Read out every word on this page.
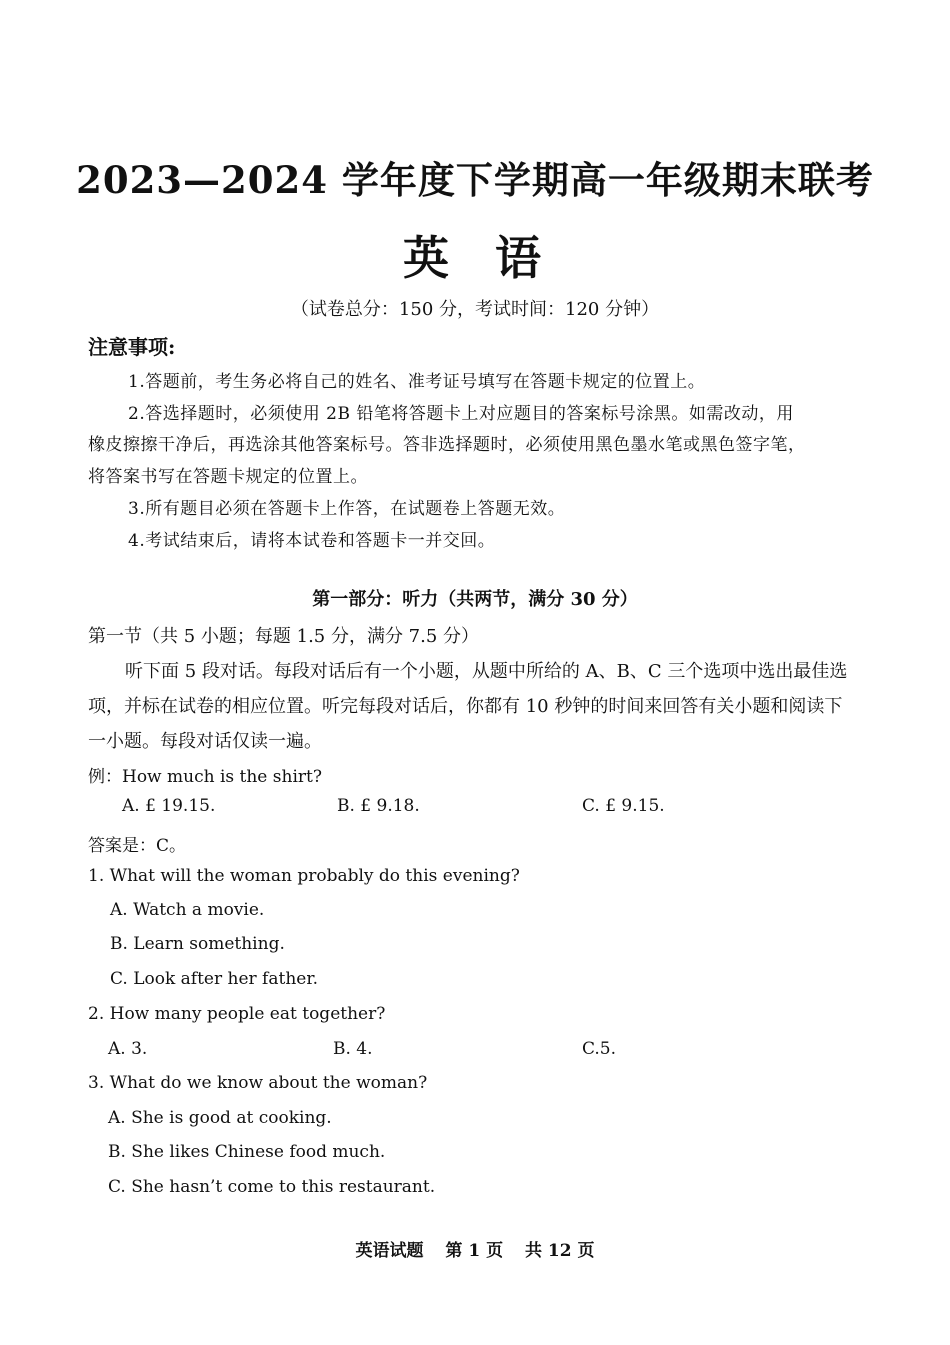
2023—2024 学年度下学期高一年级期末联考
英 语
（试卷总分：150 分，考试时间：120 分钟）
注意事项:
1.答题前，考生务必将自己的姓名、准考证号填写在答题卡规定的位置上。
2.答选择题时，必须使用 2B 铅笔将答题卡上对应题目的答案标号涂黑。如需改动，用
橡皮擦擦干净后，再选涂其他答案标号。答非选择题时，必须使用黑色墨水笔或黑色签字笔，
将答案书写在答题卡规定的位置上。
3.所有题目必须在答题卡上作答，在试题卷上答题无效。
4.考试结束后，请将本试卷和答题卡一并交回。
第一部分：听力（共两节，满分 30 分）
第一节（共 5 小题；每题 1.5 分，满分 7.5 分）
听下面 5 段对话。每段对话后有一个小题，从题中所给的 A、B、C 三个选项中选出最佳选
项，并标在试卷的相应位置。听完每段对话后，你都有 10 秒钟的时间来回答有关小题和阅读下
一小题。每段对话仅读一遍。
例：How much is the shirt?
A. £ 19.15.	B. £ 9.18.	C. £ 9.15.
答案是：C。
1. What will the woman probably do this evening?
A. Watch a movie.
B. Learn something.
C. Look after her father.
2. How many people eat together?
A. 3.	B. 4.	C.5.
3. What do we know about the woman?
A. She is good at cooking.
B. She likes Chinese food much.
C. She hasn’t come to this restaurant.
英语试题 第 1 页 共 12 页
